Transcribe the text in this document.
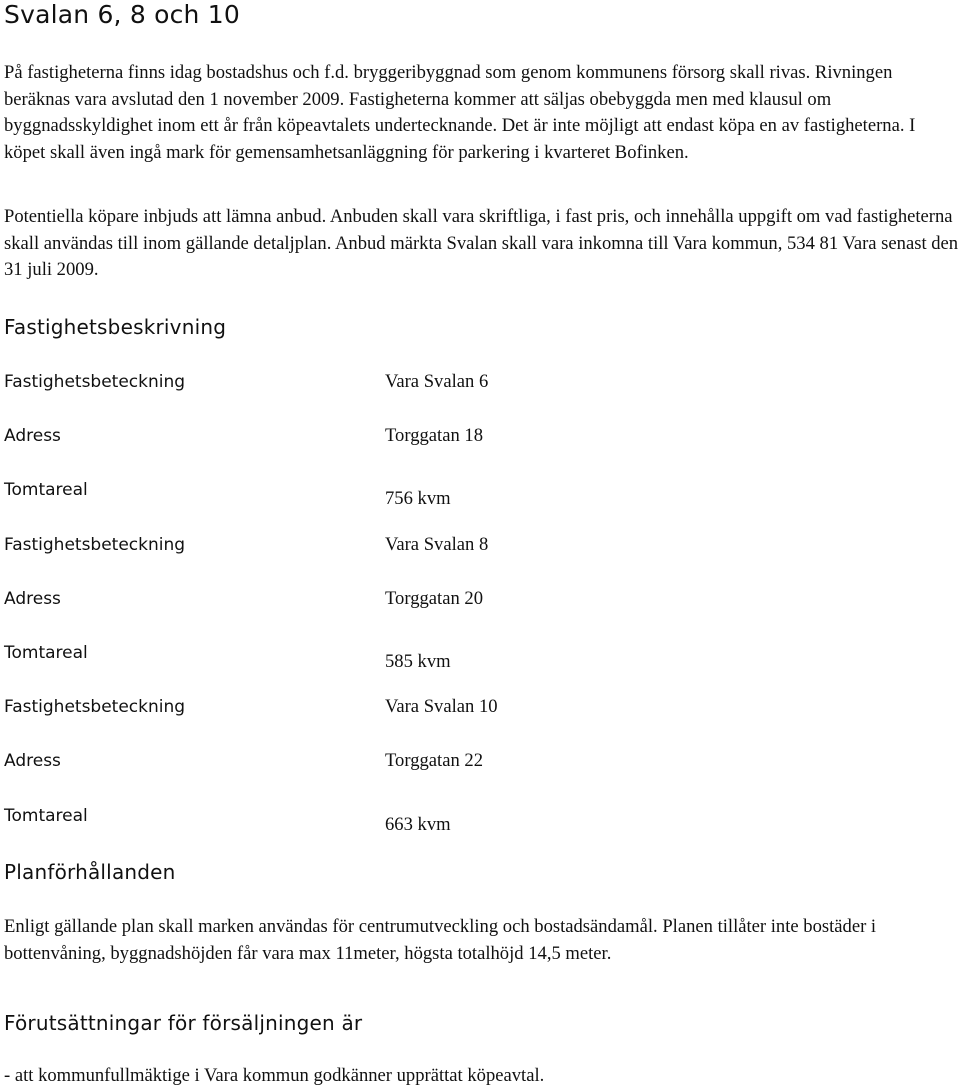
Svalan 6, 8 och 10

På fastigheterna finns idag bostadshus och f.d. bryggeribyggnad som genom kommunens försorg skall rivas. Rivningen beräknas vara avslutad den 1 november 2009. Fastigheterna kommer att säljas obebyggda men med klausul om byggnadsskyldighet inom ett år från köpeavtalets undertecknande. Det är inte möjligt att endast köpa en av fastigheterna. I köpet skall även ingå mark för gemensamhetsanläggning för parkering i kvarteret Bofinken.

Potentiella köpare inbjuds att lämna anbud. Anbuden skall vara skriftliga, i fast pris, och innehålla uppgift om vad fastigheterna skall användas till inom gällande detaljplan. Anbud märkta Svalan skall vara inkomna till Vara kommun, 534 81 Vara senast den 31 juli 2009.

Fastighetsbeskrivning
Fastighetsbeteckning	Vara Svalan 6
Adress	Torggatan 18
Tomtareal	756 kvm
Fastighetsbeteckning	Vara Svalan 8
Adress	Torggatan 20
Tomtareal	585 kvm
Fastighetsbeteckning	Vara Svalan 10
Adress	Torggatan 22
Tomtareal	663 kvm
Planförhållanden

Enligt gällande plan skall marken användas för centrumutveckling och bostadsändamål. Planen tillåter inte bostäder i bottenvåning, byggnadshöjden får vara max 11meter, högsta totalhöjd 14,5 meter.

Förutsättningar för försäljningen är

- att kommunfullmäktige i Vara kommun godkänner upprättat köpeavtal.
